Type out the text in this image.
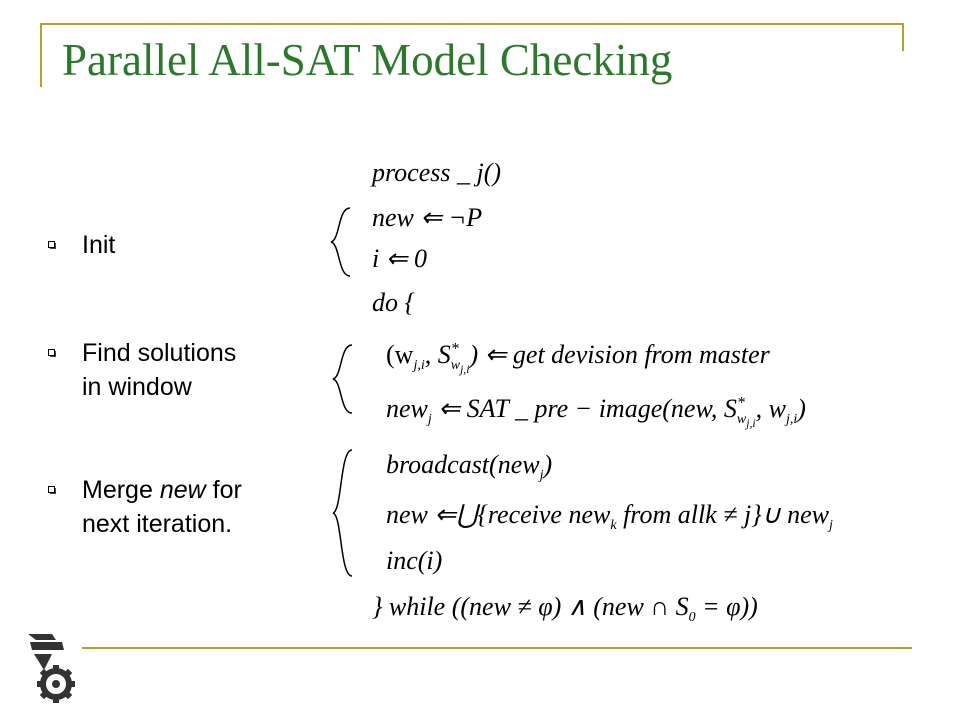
Parallel All-SAT Model Checking
Init
Find solutions
in window
Merge new for
next iteration.
process _ j()
new ⇐ ¬P
i ⇐ 0
do {
($w_{j,i}$, $S^*_{w_{j,i}}$) ⇐ get devision from master
new$_j$ ⇐ SAT _ pre − image(new, $S^*_{w_{j,i}}$, $w_{j,i}$)
broadcast(new$_j$)
new ⇐⋃{receive new$_k$ from allk ≠ j}∪ new$_j$
inc(i)
} while ((new ≠ φ) ∧ (new ∩ $S_0 = \varphi$))
